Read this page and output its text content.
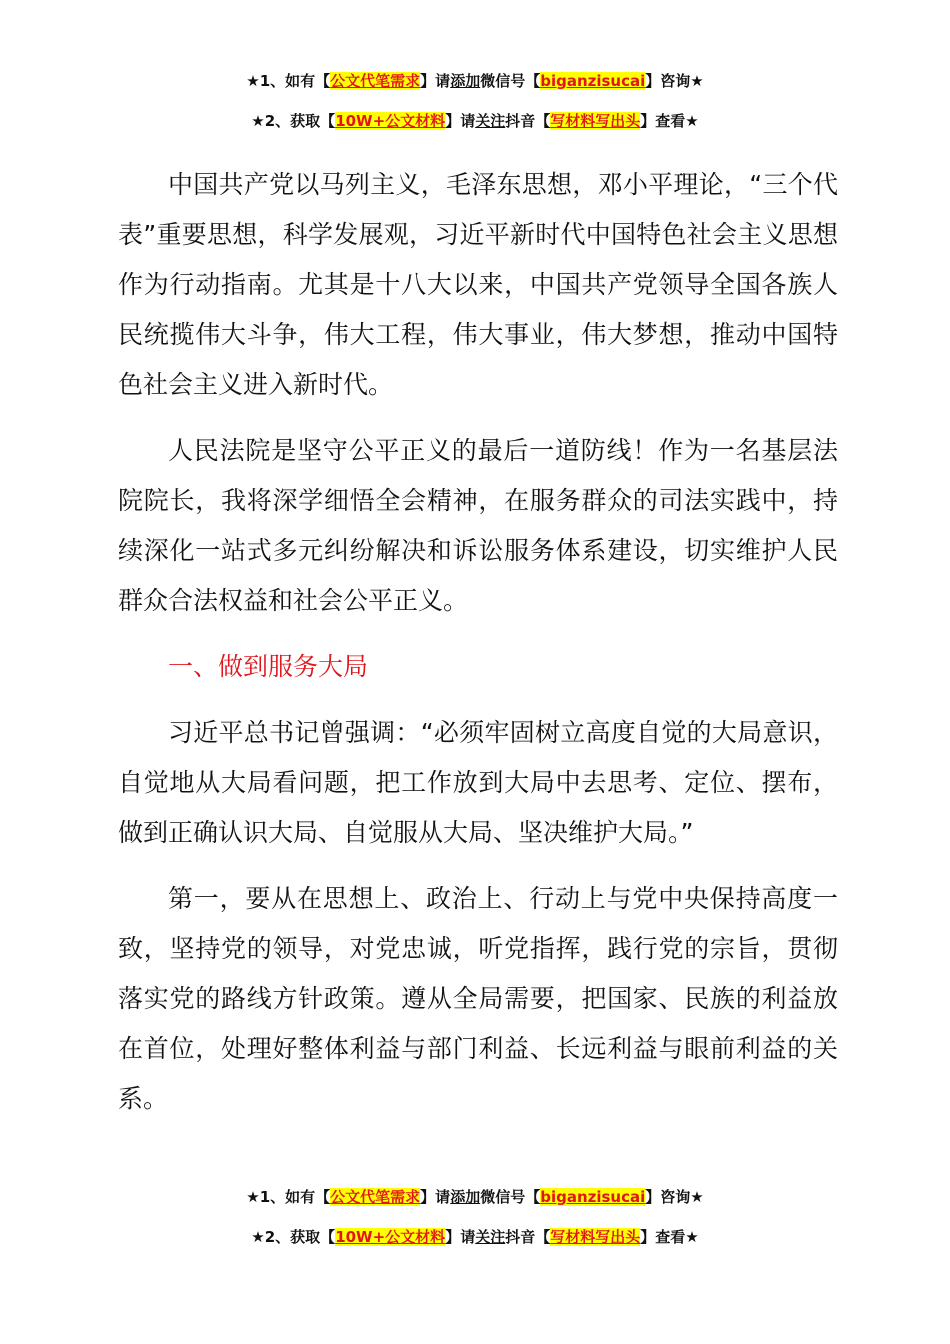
★1、如有【公文代笔需求】请添加微信号【biganzisucai】咨询★
★2、获取【10W+公文材料】请关注抖音【写材料写出头】查看★

中国共产党以马列主义，毛泽东思想，邓小平理论，“三个代表”重要思想，科学发展观，习近平新时代中国特色社会主义思想作为行动指南。尤其是十八大以来，中国共产党领导全国各族人民统揽伟大斗争，伟大工程，伟大事业，伟大梦想，推动中国特色社会主义进入新时代。

人民法院是坚守公平正义的最后一道防线！作为一名基层法院院长，我将深学细悟全会精神，在服务群众的司法实践中，持续深化一站式多元纠纷解决和诉讼服务体系建设，切实维护人民群众合法权益和社会公平正义。

一、做到服务大局

习近平总书记曾强调：“必须牢固树立高度自觉的大局意识，自觉地从大局看问题，把工作放到大局中去思考、定位、摆布，做到正确认识大局、自觉服从大局、坚决维护大局。”

第一，要从在思想上、政治上、行动上与党中央保持高度一致，坚持党的领导，对党忠诚，听党指挥，践行党的宗旨，贯彻落实党的路线方针政策。遵从全局需要，把国家、民族的利益放在首位，处理好整体利益与部门利益、长远利益与眼前利益的关系。

★1、如有【公文代笔需求】请添加微信号【biganzisucai】咨询★
★2、获取【10W+公文材料】请关注抖音【写材料写出头】查看★
